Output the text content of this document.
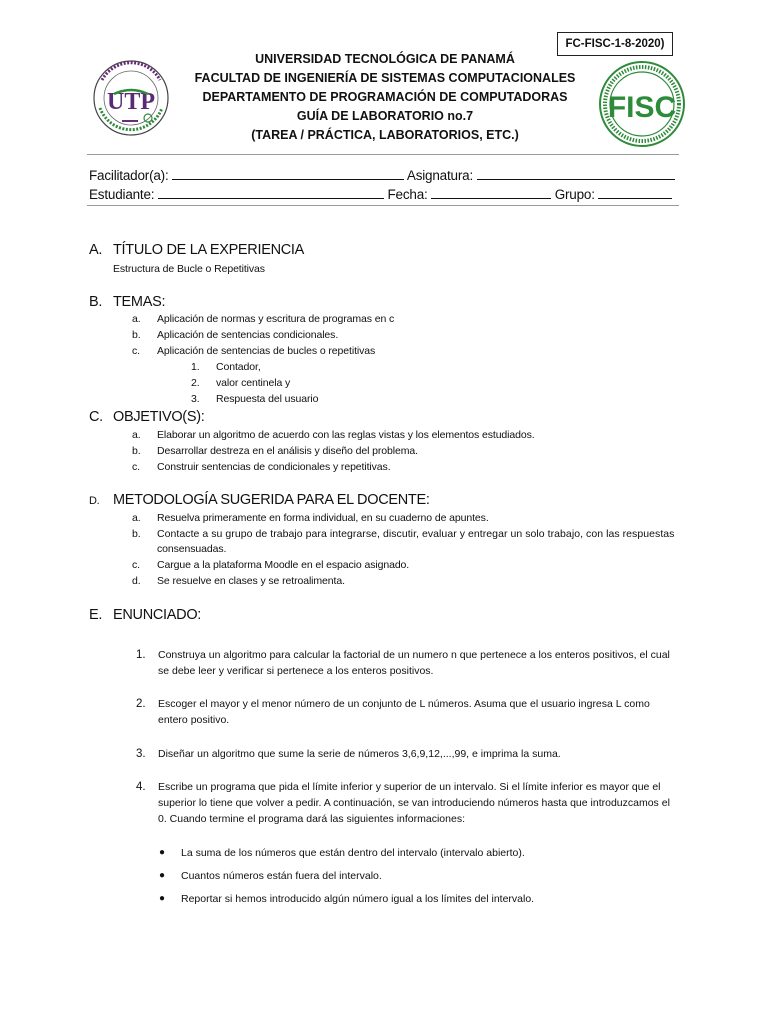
FC-FISC-1-8-2020)
UTP
UNIVERSIDAD TECNOLÓGICA DE PANAMÁ
FACULTAD DE INGENIERÍA DE SISTEMAS COMPUTACIONALES
DEPARTAMENTO DE PROGRAMACIÓN DE COMPUTADORAS
GUÍA DE LABORATORIO no.7
(TAREA / PRÁCTICA, LABORATORIOS, ETC.)
FISC
Facilitador(a):	Asignatura:
Estudiante:	Fecha:	Grupo:
A. TÍTULO DE LA EXPERIENCIA
Estructura de Bucle o Repetitivas
B. TEMAS:
a. Aplicación de normas y escritura de programas en c
b. Aplicación de sentencias condicionales.
c. Aplicación de sentencias de bucles o repetitivas
1. Contador,
2. valor centinela y
3. Respuesta del usuario
C. OBJETIVO(S):
a. Elaborar un algoritmo de acuerdo con las reglas vistas y los elementos estudiados.
b. Desarrollar destreza en el análisis y diseño del problema.
c. Construir sentencias de condicionales y repetitivas.
D. METODOLOGÍA SUGERIDA PARA EL DOCENTE:
a. Resuelva primeramente en forma individual, en su cuaderno de apuntes.
b. Contacte a su grupo de trabajo para integrarse, discutir, evaluar y entregar un solo trabajo, con las respuestas
consensuadas.
c. Cargue a la plataforma Moodle en el espacio asignado.
d. Se resuelve en clases y se retroalimenta.
E. ENUNCIADO:
1. Construya un algoritmo para calcular la factorial de un numero n que pertenece a los enteros positivos, el cual se debe leer y verificar si pertenece a los enteros positivos.
2. Escoger el mayor y el menor número de un conjunto de L números. Asuma que el usuario ingresa L como entero positivo.
3. Diseñar un algoritmo que sume la serie de números 3,6,9,12,...,99, e imprima la suma.
4. Escribe un programa que pida el límite inferior y superior de un intervalo. Si el límite inferior es mayor que el superior lo tiene que volver a pedir. A continuación, se van introduciendo números hasta que introduzcamos el 0. Cuando termine el programa dará las siguientes informaciones:
● La suma de los números que están dentro del intervalo (intervalo abierto).
● Cuantos números están fuera del intervalo.
● Reportar si hemos introducido algún número igual a los límites del intervalo.
